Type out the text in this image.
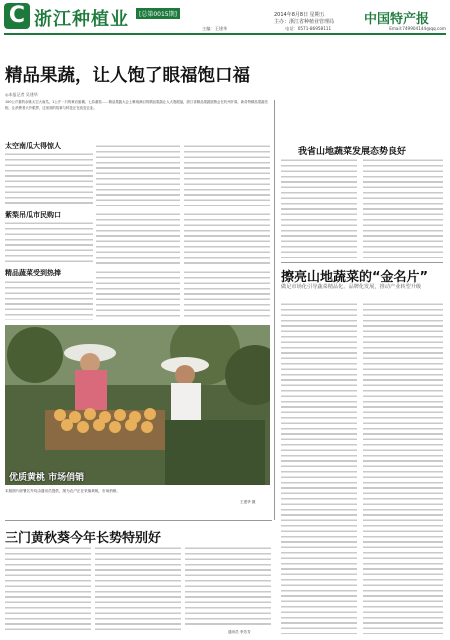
C 浙江种植业	[总第0015期]	2014年8月8日 星期五
主办：浙江省种植业管理局 中国特产报
主编：王建华	电话：0571-86958111	Email:749904144@qq.com
精品果蔬，让人饱了眼福饱口福
◎本报记者 吴建华
100公斤重的余姚太空大南瓜，1公斤一只的黄岩蜜橘、七彩番茄……精品果蔬大会上琳琅满目的精品果蔬让人大饱眼福，浙江省精品果蔬展销会在杭州开幕，新奇特精品果蔬亮相，让消费者大开眼界，这里面的故事与科技正在改变农业。
太空南瓜大得惊人
紫梨吊瓜市民购口
精品蔬菜受到热捧
优质黄桃 市场俏销
本版图片除署名外均由通讯员提供，图为农户正在采摘黄桃，市场俏销。
王建华 摄
我省山地蔬菜发展态势良好
擦亮山地蔬菜的“金名片”
做足市场化引导蔬菜精品化、品牌化发展，推动产业转型升级
三门黄秋葵今年长势特别好
通讯员 李芳芳
